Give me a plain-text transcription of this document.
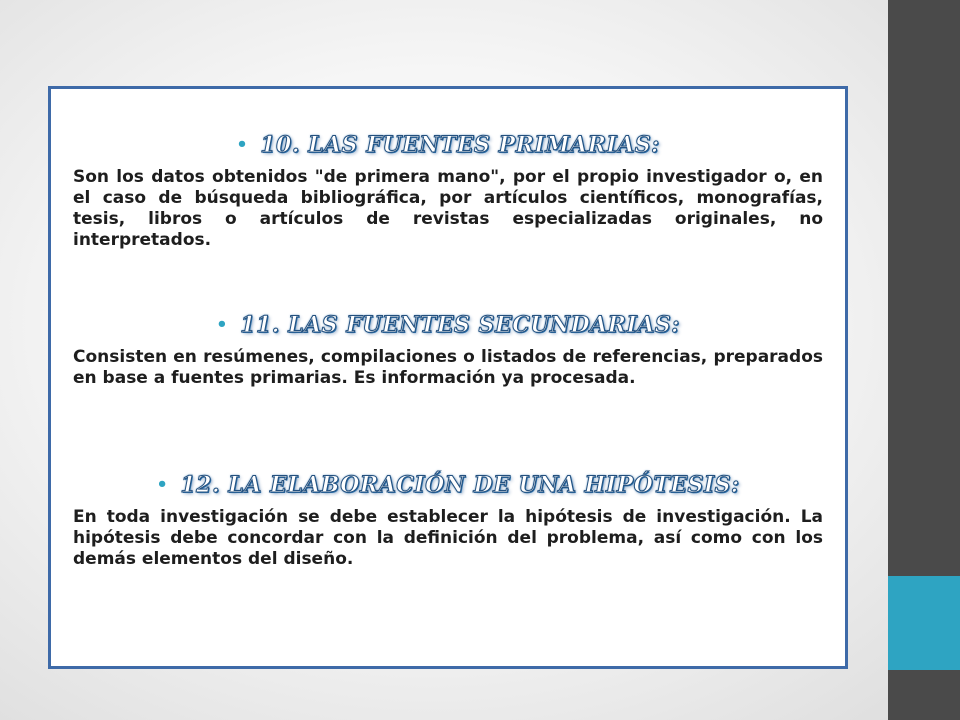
• 10. LAS FUENTES PRIMARIAS:
Son los datos obtenidos "de primera mano", por el propio investigador o, en el caso de búsqueda bibliográfica, por artículos científicos, monografías, tesis, libros o artículos de revistas especializadas originales, no interpretados.
• 11. LAS FUENTES SECUNDARIAS:
Consisten en resúmenes, compilaciones o listados de referencias, preparados en base a fuentes primarias. Es información ya procesada.
• 12. LA ELABORACIÓN DE UNA HIPÓTESIS:
En toda investigación se debe establecer la hipótesis de investigación. La hipótesis debe concordar con la definición del problema, así como con los demás elementos del diseño.
